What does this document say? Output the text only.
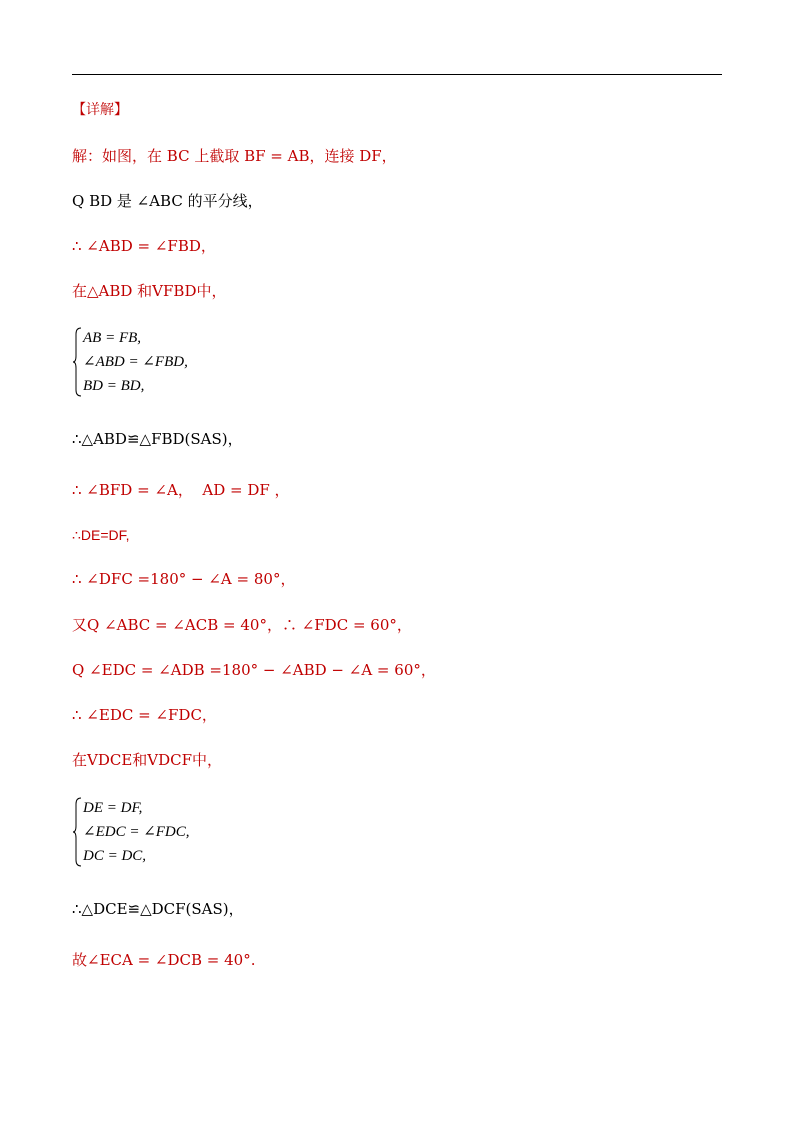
【详解】
解：如图，在 BC 上截取 BF = AB，连接 DF，
Q BD 是 ∠ABC 的平分线，
∴ ∠ABD = ∠FBD，
在△ABD 和VFBD中，
AB = FB,
∠ABD = ∠FBD,
BD = BD,
∴△ABD≌△FBD(SAS)，
∴ ∠BFD = ∠A，  AD = DF ，
∴DE=DF,
∴ ∠DFC =180° − ∠A = 80°，
又Q ∠ABC = ∠ACB = 40°，∴ ∠FDC = 60°，
Q ∠EDC = ∠ADB =180° − ∠ABD − ∠A = 60°，
∴ ∠EDC = ∠FDC，
在VDCE和VDCF中，
DE = DF,
∠EDC = ∠FDC,
DC = DC,
∴△DCE≌△DCF(SAS)，
故∠ECA = ∠DCB = 40°.
